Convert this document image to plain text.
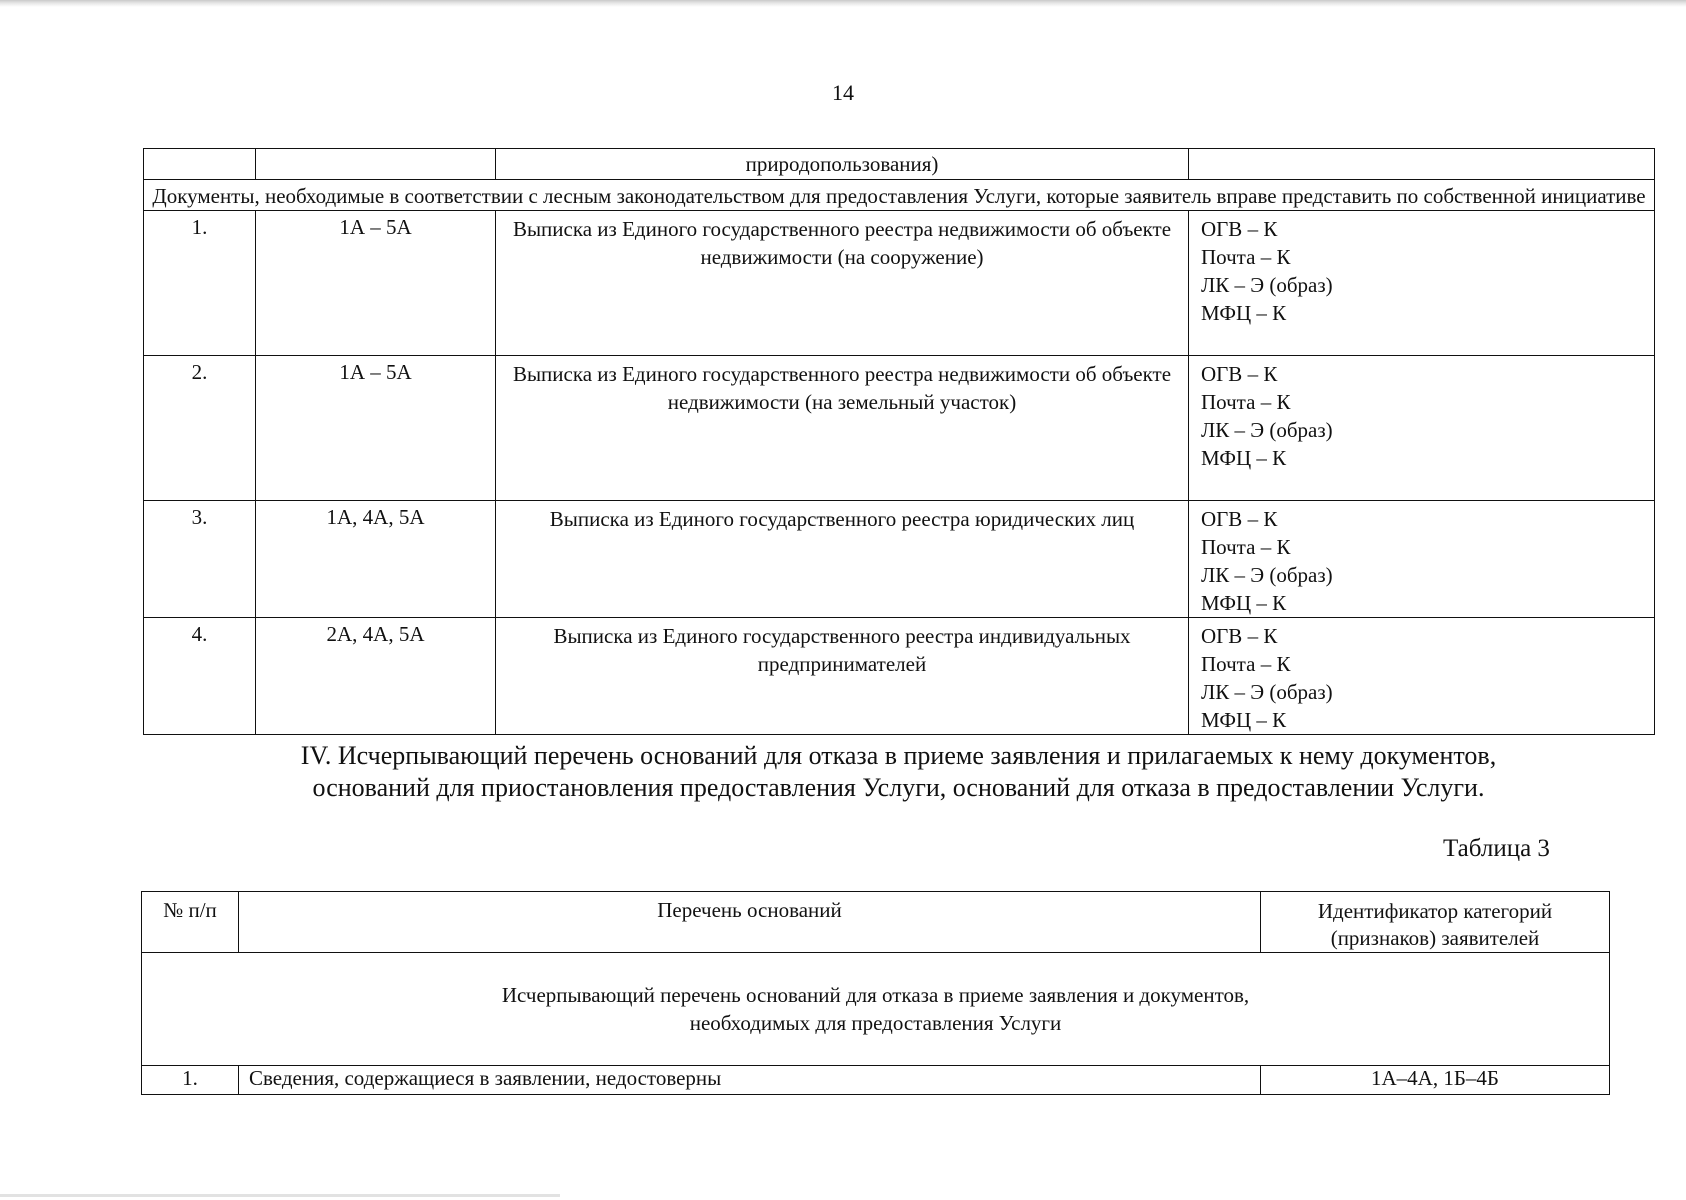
14
		природопользования)	
Документы, необходимые в соответствии с лесным законодательством для предоставления Услуги, которые заявитель вправе представить по собственной инициативе			
1.	1А – 5А	Выписка из Единого государственного реестра недвижимости об объекте недвижимости (на сооружение)	ОГВ – К
Почта – К
ЛК – Э (образ)
МФЦ – К

2.	1А – 5А	Выписка из Единого государственного реестра недвижимости об объекте недвижимости (на земельный участок)	ОГВ – К
Почта – К
ЛК – Э (образ)
МФЦ – К

3.	1А, 4А, 5А	Выписка из Единого государственного реестра юридических лиц	ОГВ – К
Почта – К
ЛК – Э (образ)
МФЦ – К

4.	2А, 4А, 5А	Выписка из Единого государственного реестра индивидуальных предпринимателей	ОГВ – К
Почта – К
ЛК – Э (образ)
МФЦ – К
IV. Исчерпывающий перечень оснований для отказа в приеме заявления и прилагаемых к нему документов,
оснований для приостановления предоставления Услуги, оснований для отказа в предоставлении Услуги.
Таблица 3
№ п/п	Перечень оснований	Идентификатор категорий
(признаков) заявителей

Исчерпывающий перечень оснований для отказа в приеме заявления и документов,
необходимых для предоставления Услуги		

1.	Сведения, содержащиеся в заявлении, недостоверны	1А–4А, 1Б–4Б
